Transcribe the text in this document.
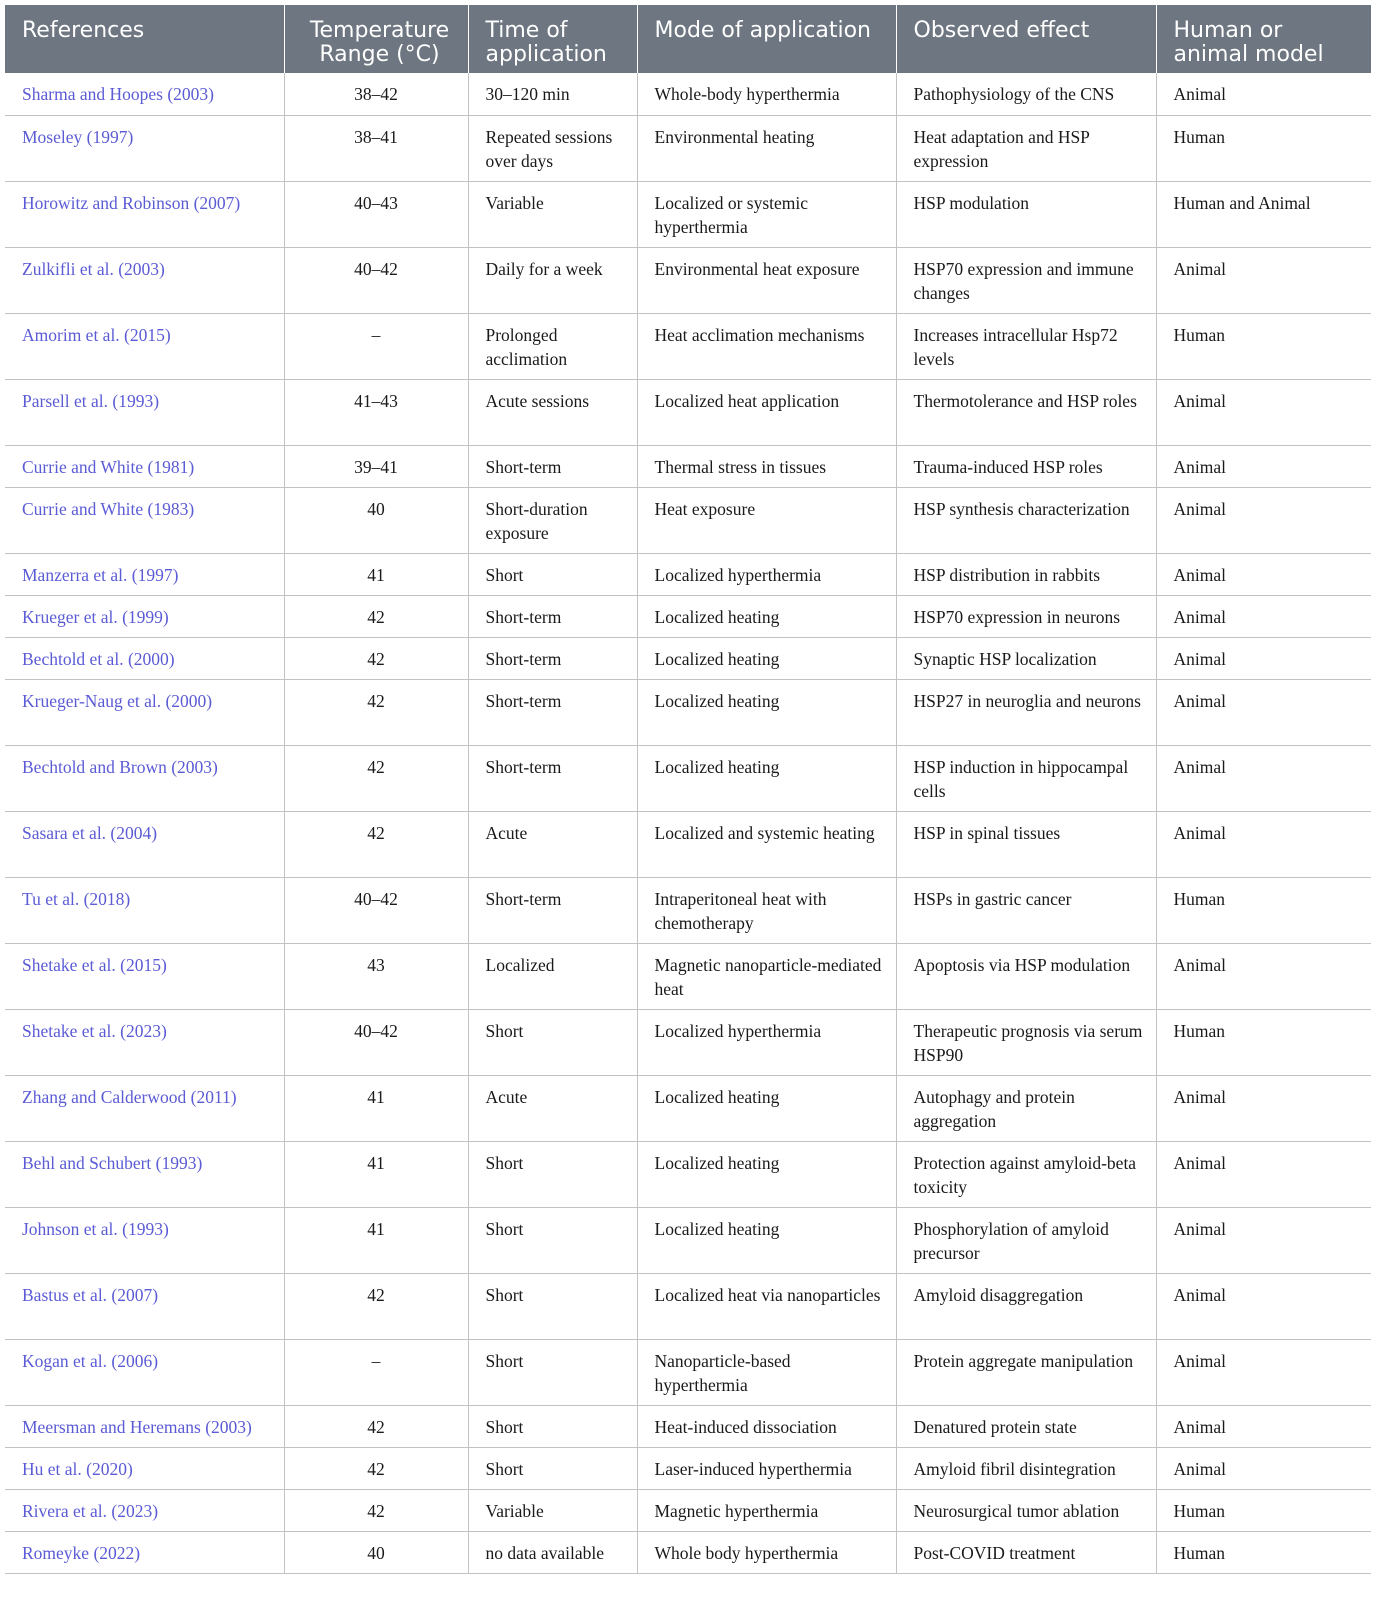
References	Temperature Range (°C)	Time of application	Mode of application	Observed effect	Human or animal model
Sharma and Hoopes (2003)	38–42	30–120 min	Whole-body hyperthermia	Pathophysiology of the CNS	Animal
Moseley (1997)	38–41	Repeated sessions over days	Environmental heating	Heat adaptation and HSP expression	Human
Horowitz and Robinson (2007)	40–43	Variable	Localized or systemic hyperthermia	HSP modulation	Human and Animal
Zulkifli et al. (2003)	40–42	Daily for a week	Environmental heat exposure	HSP70 expression and immune changes	Animal
Amorim et al. (2015)	–	Prolonged acclimation	Heat acclimation mechanisms	Increases intracellular Hsp72 levels	Human
Parsell et al. (1993)	41–43	Acute sessions	Localized heat application	Thermotolerance and HSP roles	Animal
Currie and White (1981)	39–41	Short-term	Thermal stress in tissues	Trauma-induced HSP roles	Animal
Currie and White (1983)	40	Short-duration exposure	Heat exposure	HSP synthesis characterization	Animal
Manzerra et al. (1997)	41	Short	Localized hyperthermia	HSP distribution in rabbits	Animal
Krueger et al. (1999)	42	Short-term	Localized heating	HSP70 expression in neurons	Animal
Bechtold et al. (2000)	42	Short-term	Localized heating	Synaptic HSP localization	Animal
Krueger-Naug et al. (2000)	42	Short-term	Localized heating	HSP27 in neuroglia and neurons	Animal
Bechtold and Brown (2003)	42	Short-term	Localized heating	HSP induction in hippocampal cells	Animal
Sasara et al. (2004)	42	Acute	Localized and systemic heating	HSP in spinal tissues	Animal
Tu et al. (2018)	40–42	Short-term	Intraperitoneal heat with chemotherapy	HSPs in gastric cancer	Human
Shetake et al. (2015)	43	Localized	Magnetic nanoparticle-mediated heat	Apoptosis via HSP modulation	Animal
Shetake et al. (2023)	40–42	Short	Localized hyperthermia	Therapeutic prognosis via serum HSP90	Human
Zhang and Calderwood (2011)	41	Acute	Localized heating	Autophagy and protein aggregation	Animal
Behl and Schubert (1993)	41	Short	Localized heating	Protection against amyloid-beta toxicity	Animal
Johnson et al. (1993)	41	Short	Localized heating	Phosphorylation of amyloid precursor	Animal
Bastus et al. (2007)	42	Short	Localized heat via nanoparticles	Amyloid disaggregation	Animal
Kogan et al. (2006)	–	Short	Nanoparticle-based hyperthermia	Protein aggregate manipulation	Animal
Meersman and Heremans (2003)	42	Short	Heat-induced dissociation	Denatured protein state	Animal
Hu et al. (2020)	42	Short	Laser-induced hyperthermia	Amyloid fibril disintegration	Animal
Rivera et al. (2023)	42	Variable	Magnetic hyperthermia	Neurosurgical tumor ablation	Human
Romeyke (2022)	40	no data available	Whole body hyperthermia	Post-COVID treatment	Human
